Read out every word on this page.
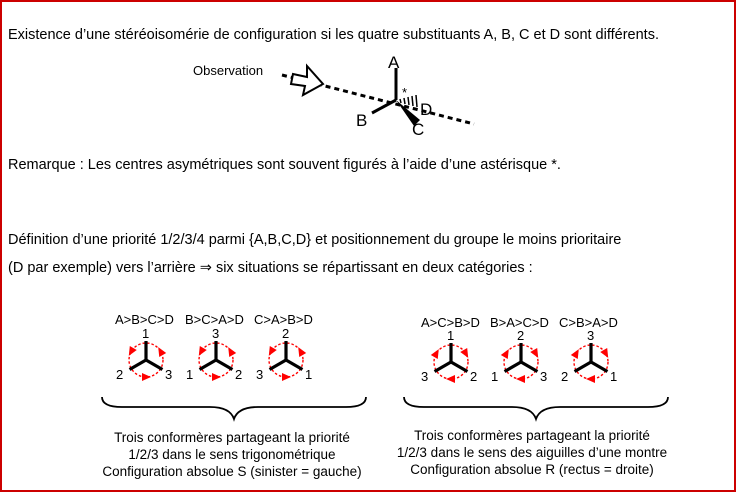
Existence d’une stéréoisomérie de configuration si les quatre substituants A, B, C et D sont différents.
Observation	A
B	C
D
*
Remarque : Les centres asymétriques sont souvent figurés à l’aide d’une astérisque *.
Définition d’une priorité 1/2/3/4 parmi {A,B,C,D} et positionnement du groupe le moins prioritaire
(D par exemple) vers l’arrière ⇒ six situations se répartissant en deux catégories :
A>B>C>D B>C>A>D C>A>B>D	A>C>B>D B>A>C>D C>B>A>D
1
2	3
3
1	2
2
3	1
1
3	2
2
1	3
3
2	1
Trois conformères partageant la priorité
1/2/3 dans le sens trigonométrique
Configuration absolue S (sinister = gauche)
Trois conformères partageant la priorité
1/2/3 dans le sens des aiguilles d’une montre
Configuration absolue R (rectus = droite)
